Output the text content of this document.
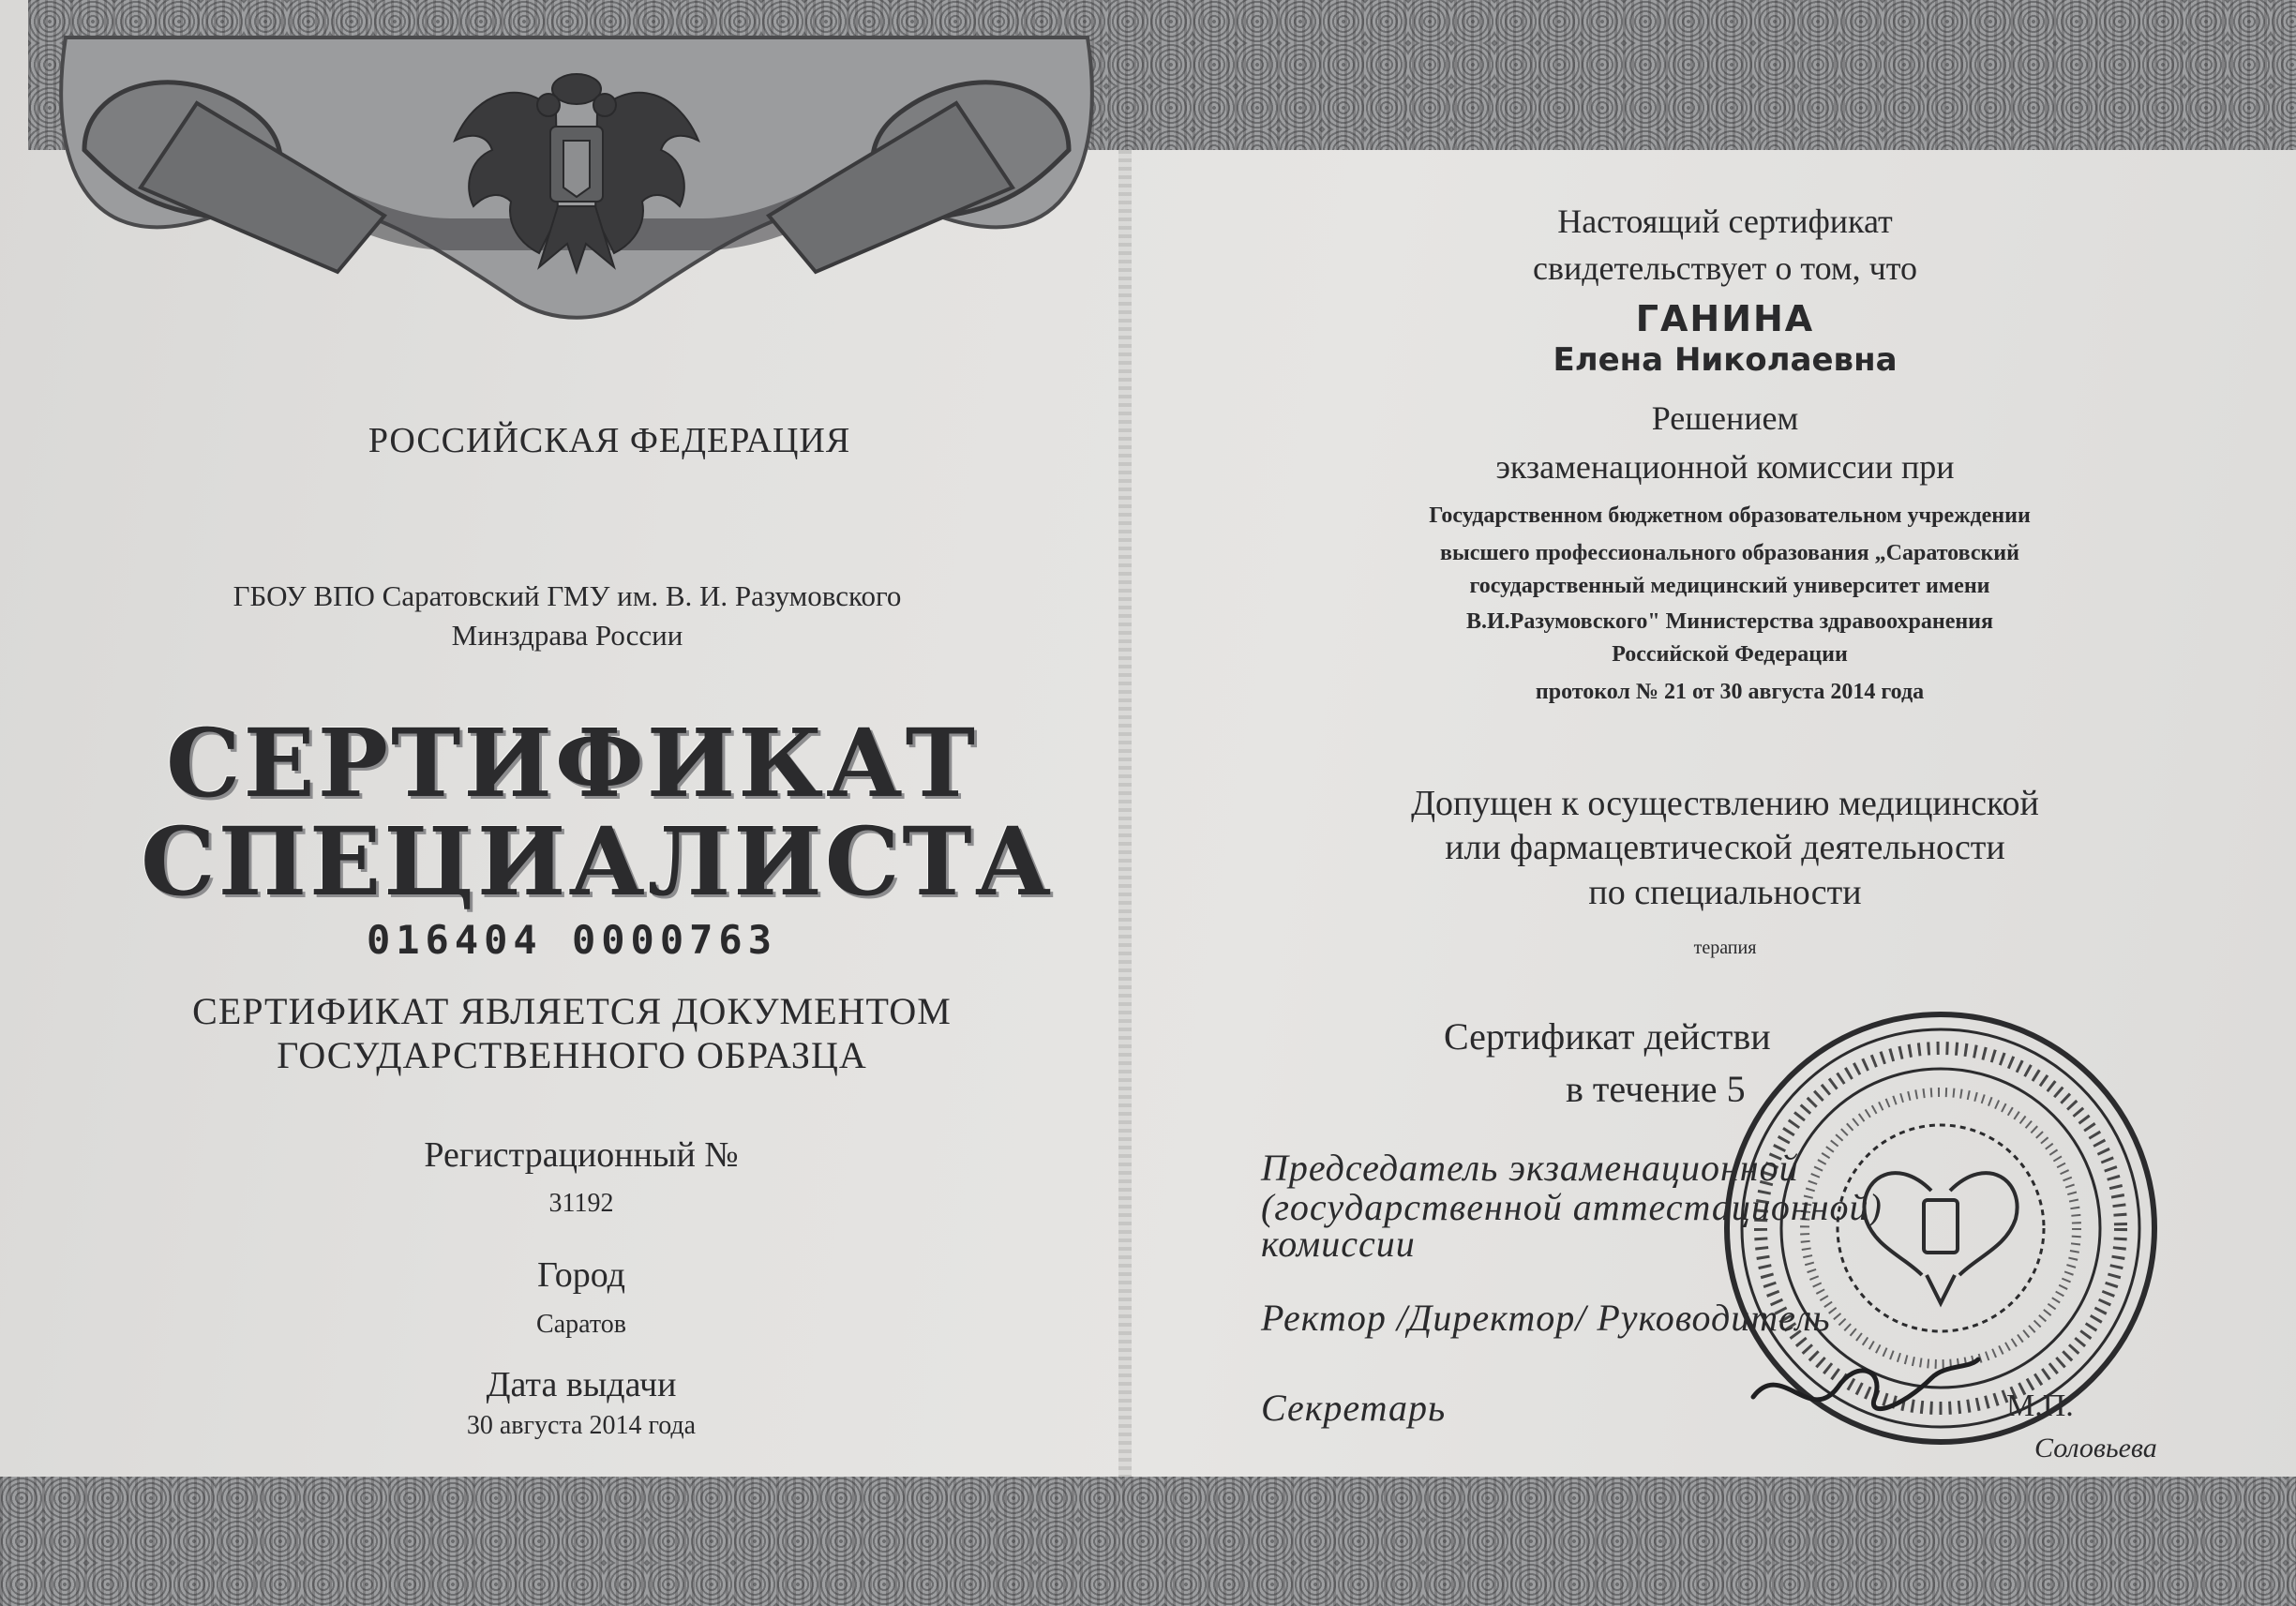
РОССИЙСКАЯ ФЕДЕРАЦИЯ
ГБОУ ВПО Саратовский ГМУ им. В. И. Разумовского
Минздрава России
СЕРТИФИКАТ
СПЕЦИАЛИСТА
016404 0000763
СЕРТИФИКАТ ЯВЛЯЕТСЯ ДОКУМЕНТОМ
ГОСУДАРСТВЕННОГО ОБРАЗЦА
Регистрационный №
31192
Город
Саратов
Дата выдачи
30 августа 2014 года
Настоящий сертификат
свидетельствует о том, что
ГАНИНА
Елена Николаевна
Решением
экзаменационной комиссии при
Государственном бюджетном образовательном учреждении
высшего профессионального образования „Саратовский
государственный медицинский университет имени
В.И.Разумовского" Министерства здравоохранения
Российской Федерации
протокол № 21 от 30 августа 2014 года
Допущен к осуществлению медицинской
или фармацевтической деятельности
по специальности
терапия
Сертификат действи
в течение 5
Председатель экзаменационной
(государственной аттестационной)
комиссии
Ректор /Директор/ Руководитель
Секретарь
Соловьева
М.П.
